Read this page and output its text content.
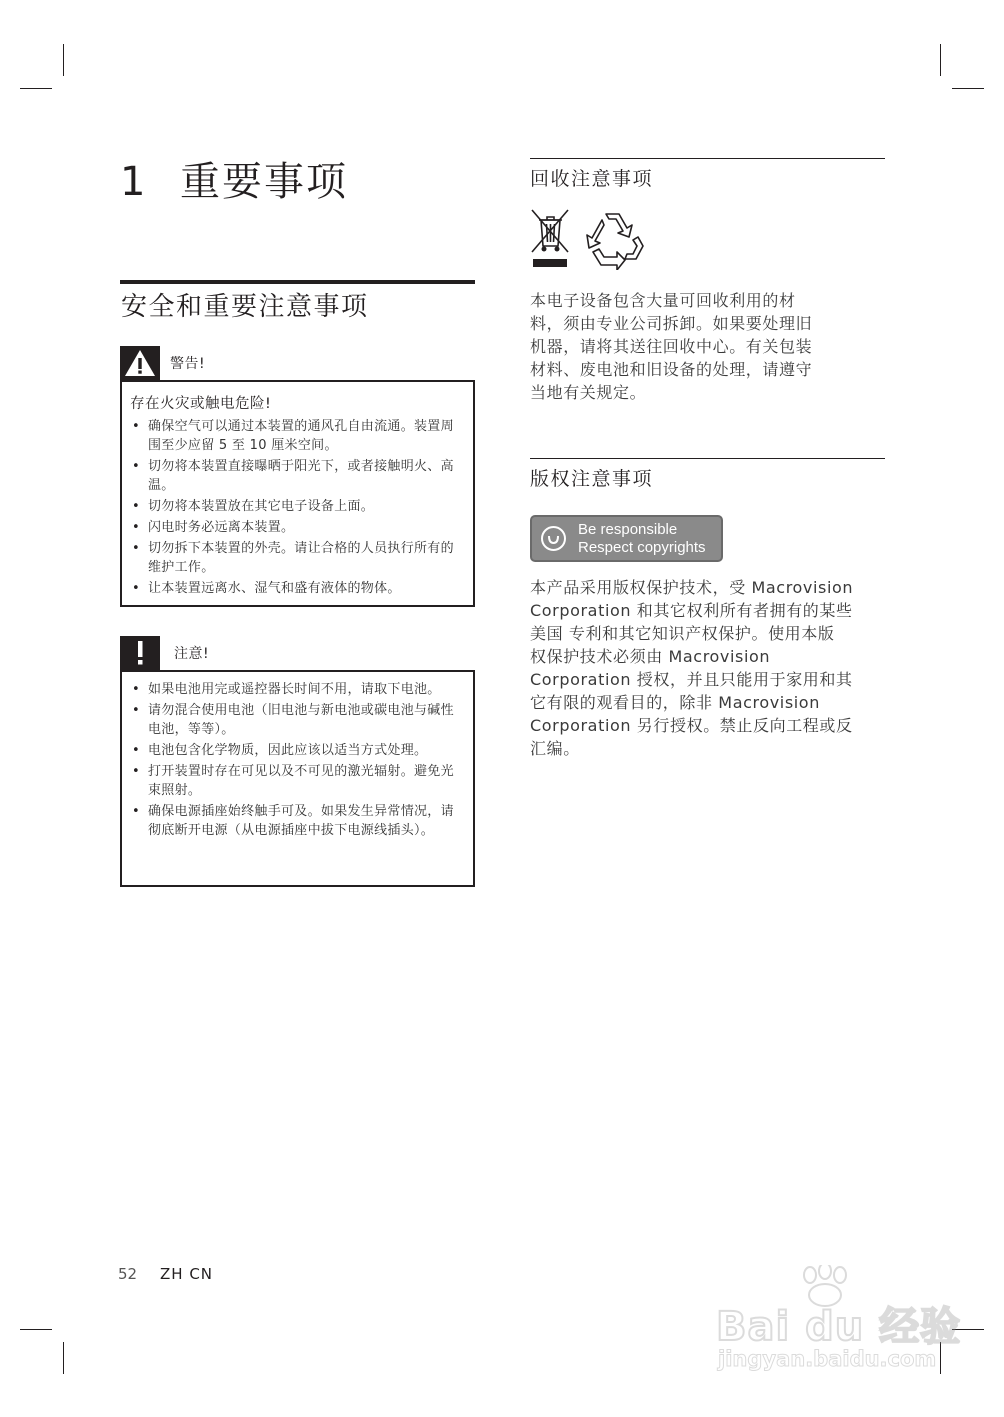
1 重要事项
安全和重要注意事项
警告!
存在火灾或触电危险!
• 确保空气可以通过本装置的通风孔自由流通。装置周围至少应留 5 至 10 厘米空间。
• 切勿将本装置直接曝晒于阳光下，或者接触明火、高温。
• 切勿将本装置放在其它电子设备上面。
• 闪电时务必远离本装置。
• 切勿拆下本装置的外壳。请让合格的人员执行所有的维护工作。
• 让本装置远离水、湿气和盛有液体的物体。
注意!
• 如果电池用完或遥控器长时间不用，请取下电池。
• 请勿混合使用电池（旧电池与新电池或碳电池与碱性电池，等等）。
• 电池包含化学物质，因此应该以适当方式处理。
• 打开装置时存在可见以及不可见的激光辐射。避免光束照射。
• 确保电源插座始终触手可及。如果发生异常情况，请彻底断开电源（从电源插座中拔下电源线插头）。
回收注意事项
本电子设备包含大量可回收利用的材
料，须由专业公司拆卸。如果要处理旧
机器，请将其送往回收中心。有关包装
材料、废电池和旧设备的处理，请遵守
当地有关规定。
版权注意事项
Be responsible
Respect copyrights
本产品采用版权保护技术，受 Macrovision
Corporation 和其它权利所有者拥有的某些
美国 专利和其它知识产权保护。使用本版
权保护技术必须由 Macrovision
Corporation 授权，并且只能用于家用和其
它有限的观看目的，除非 Macrovision
Corporation 另行授权。禁止反向工程或反
汇编。
52 ZH CN
Bai du 经验
jingyan.baidu.com
